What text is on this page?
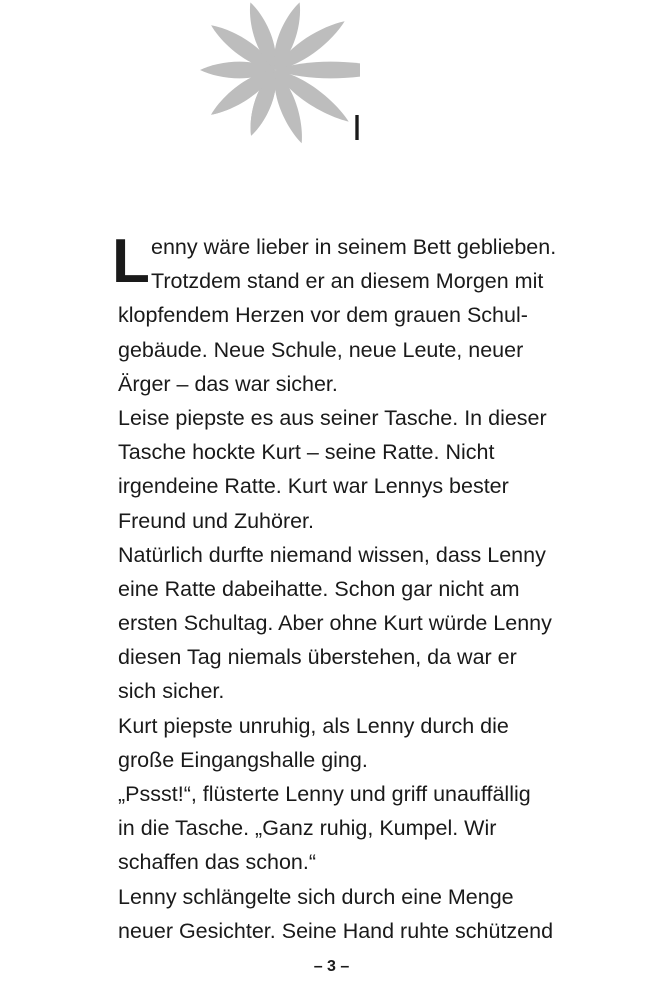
I
L enny wäre lieber in seinem Bett geblieben.
Trotzdem stand er an diesem Morgen mit
klopfendem Herzen vor dem grauen Schul-
gebäude. Neue Schule, neue Leute, neuer
Ärger – das war sicher.
Leise piepste es aus seiner Tasche. In dieser
Tasche hockte Kurt – seine Ratte. Nicht
irgendeine Ratte. Kurt war Lennys bester
Freund und Zuhörer.
Natürlich durfte niemand wissen, dass Lenny
eine Ratte dabeihatte. Schon gar nicht am
ersten Schultag. Aber ohne Kurt würde Lenny
diesen Tag niemals überstehen, da war er
sich sicher.
Kurt piepste unruhig, als Lenny durch die
große Eingangshalle ging.
„Pssst!“, flüsterte Lenny und griff unauffällig
in die Tasche. „Ganz ruhig, Kumpel. Wir
schaffen das schon.“
Lenny schlängelte sich durch eine Menge
neuer Gesichter. Seine Hand ruhte schützend
– 3 –
